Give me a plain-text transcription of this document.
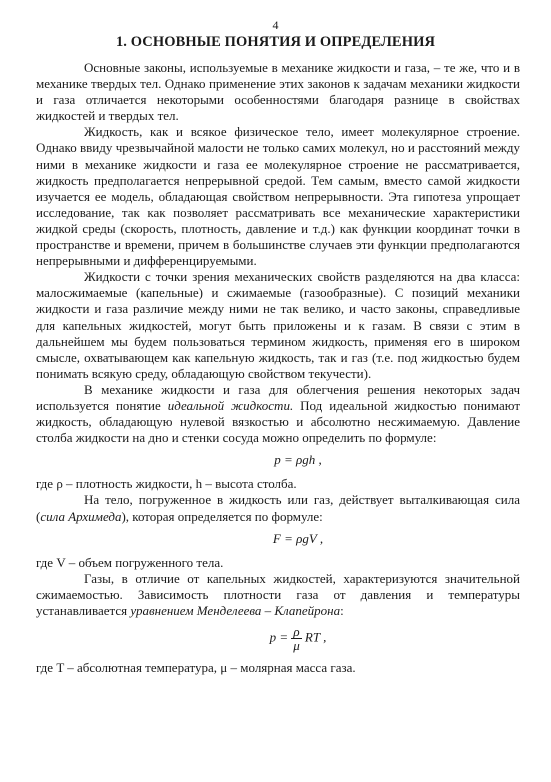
4
1. ОСНОВНЫЕ ПОНЯТИЯ И ОПРЕДЕЛЕНИЯ

Основные законы, используемые в механике жидкости и газа, – те же, что и в механике твердых тел. Однако применение этих законов к задачам механики жидкости и газа отличается некоторыми особенностями благодаря разнице в свойствах жидкостей и твердых тел.

Жидкость, как и всякое физическое тело, имеет молекулярное строение. Однако ввиду чрезвычайной малости не только самих молекул, но и расстояний между ними в механике жидкости и газа ее молекулярное строение не рассматривается, жидкость предполагается непрерывной средой. Тем самым, вместо самой жидкости изучается ее модель, обладающая свойством непрерывности. Эта гипотеза упрощает исследование, так как позволяет рассматривать все механические характеристики жидкой среды (скорость, плотность, давление и т.д.) как функции координат точки в пространстве и времени, причем в большинстве случаев эти функции предполагаются непрерывными и дифференцируемыми.

Жидкости с точки зрения механических свойств разделяются на два класса: малосжимаемые (капельные) и сжимаемые (газообразные). С позиций механики жидкости и газа различие между ними не так велико, и часто законы, справедливые для капельных жидкостей, могут быть приложены и к газам. В связи с этим в дальнейшем мы будем пользоваться термином жидкость, применяя его в широком смысле, охватывающем как капельную жидкость, так и газ (т.е. под жидкостью будем понимать всякую среду, обладающую свойством текучести).

В механике жидкости и газа для облегчения решения некоторых задач используется понятие идеальной жидкости. Под идеальной жидкостью понимают жидкость, обладающую нулевой вязкостью и абсолютно несжимаемую. Давление столба жидкости на дно и стенки сосуда можно определить по формуле:

p = ρgh ,

где ρ – плотность жидкости, h – высота столба.

На тело, погруженное в жидкость или газ, действует выталкивающая сила (сила Архимеда), которая определяется по формуле:

F = ρgV ,

где V – объем погруженного тела.

Газы, в отличие от капельных жидкостей, характеризуются значительной сжимаемостью. Зависимость плотности газа от давления и температуры устанавливается уравнением Менделеева – Клапейрона:

$p = \frac{\rho}{\mu}$ RT ,

где T – абсолютная температура, μ – молярная масса газа.
